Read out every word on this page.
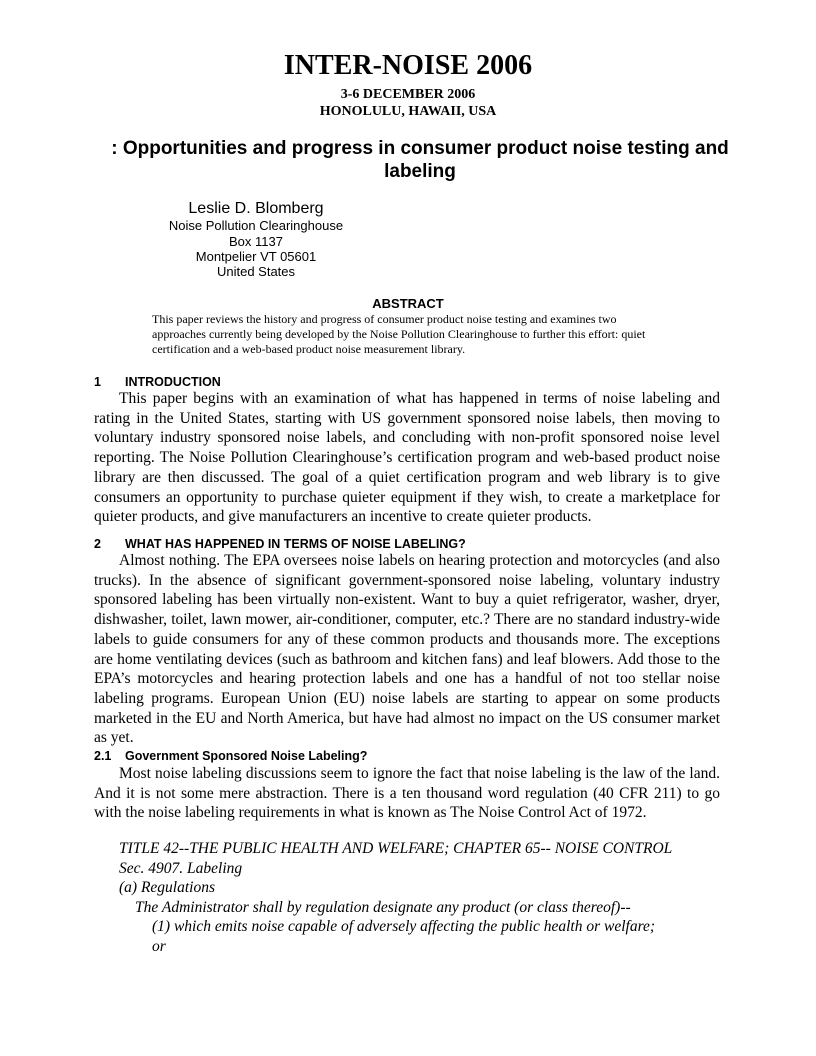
INTER-NOISE 2006

3-6 DECEMBER 2006

HONOLULU, HAWAII, USA

: Opportunities and progress in consumer product noise testing and labeling

Leslie D. Blomberg

Noise Pollution Clearinghouse

Box 1137

Montpelier VT 05601

United States

ABSTRACT

This paper reviews the history and progress of consumer product noise testing and examines two approaches currently being developed by the Noise Pollution Clearinghouse to further this effort: quiet certification and a web-based product noise measurement library.

1 INTRODUCTION

This paper begins with an examination of what has happened in terms of noise labeling and rating in the United States, starting with US government sponsored noise labels, then moving to voluntary industry sponsored noise labels, and concluding with non-profit sponsored noise level reporting. The Noise Pollution Clearinghouse’s certification program and web-based product noise library are then discussed. The goal of a quiet certification program and web library is to give consumers an opportunity to purchase quieter equipment if they wish, to create a marketplace for quieter products, and give manufacturers an incentive to create quieter products.

2 WHAT HAS HAPPENED IN TERMS OF NOISE LABELING?

Almost nothing. The EPA oversees noise labels on hearing protection and motorcycles (and also trucks). In the absence of significant government-sponsored noise labeling, voluntary industry sponsored labeling has been virtually non-existent. Want to buy a quiet refrigerator, washer, dryer, dishwasher, toilet, lawn mower, air-conditioner, computer, etc.? There are no standard industry-wide labels to guide consumers for any of these common products and thousands more. The exceptions are home ventilating devices (such as bathroom and kitchen fans) and leaf blowers. Add those to the EPA’s motorcycles and hearing protection labels and one has a handful of not too stellar noise labeling programs. European Union (EU) noise labels are starting to appear on some products marketed in the EU and North America, but have had almost no impact on the US consumer market as yet.

2.1 Government Sponsored Noise Labeling?

Most noise labeling discussions seem to ignore the fact that noise labeling is the law of the land. And it is not some mere abstraction. There is a ten thousand word regulation (40 CFR 211) to go with the noise labeling requirements in what is known as The Noise Control Act of 1972.

TITLE 42--THE PUBLIC HEALTH AND WELFARE; CHAPTER 65-- NOISE CONTROL

Sec. 4907. Labeling

(a) Regulations

The Administrator shall by regulation designate any product (or class thereof)--

(1) which emits noise capable of adversely affecting the public health or welfare;

or
